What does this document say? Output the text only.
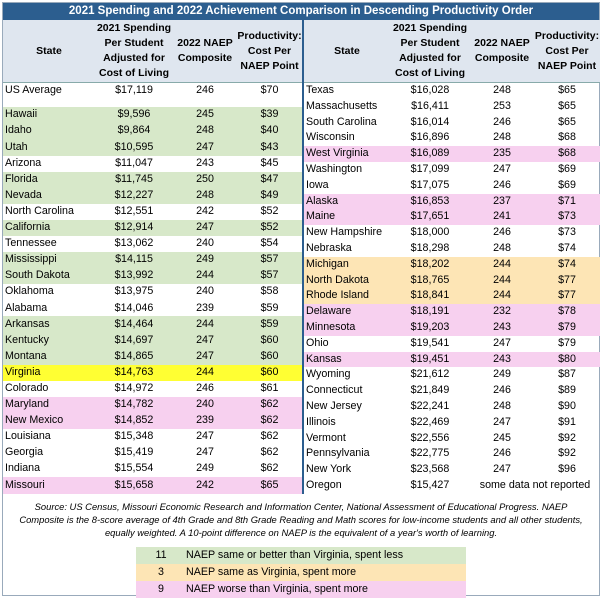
2021 Spending and 2022 Achievement Comparison in Descending Productivity Order
State	2021 Spending Per Student Adjusted for Cost of Living	2022 NAEP Composite	Productivity: Cost Per NAEP Point
US Average	$17,119	246	$70

Hawaii	$9,596	245	$39
Idaho	$9,864	248	$40
Utah	$10,595	247	$43
Arizona	$11,047	243	$45
Florida	$11,745	250	$47
Nevada	$12,227	248	$49
North Carolina	$12,551	242	$52
California	$12,914	247	$52
Tennessee	$13,062	240	$54
Mississippi	$14,115	249	$57
South Dakota	$13,992	244	$57
Oklahoma	$13,975	240	$58
Alabama	$14,046	239	$59
Arkansas	$14,464	244	$59
Kentucky	$14,697	247	$60
Montana	$14,865	247	$60
Virginia	$14,763	244	$60
Colorado	$14,972	246	$61
Maryland	$14,782	240	$62
New Mexico	$14,852	239	$62
Louisiana	$15,348	247	$62
Georgia	$15,419	247	$62
Indiana	$15,554	249	$62
Missouri	$15,658	242	$65
State	2021 Spending Per Student Adjusted for Cost of Living	2022 NAEP Composite	Productivity: Cost Per NAEP Point
Texas	$16,028	248	$65
Massachusetts	$16,411	253	$65
South Carolina	$16,014	246	$65
Wisconsin	$16,896	248	$68
West Virginia	$16,089	235	$68
Washington	$17,099	247	$69
Iowa	$17,075	246	$69
Alaska	$16,853	237	$71
Maine	$17,651	241	$73
New Hampshire	$18,000	246	$73
Nebraska	$18,298	248	$74
Michigan	$18,202	244	$74
North Dakota	$18,765	244	$77
Rhode Island	$18,841	244	$77
Delaware	$18,191	232	$78
Minnesota	$19,203	243	$79
Ohio	$19,541	247	$79
Kansas	$19,451	243	$80
Wyoming	$21,612	249	$87
Connecticut	$21,849	246	$89
New Jersey	$22,241	248	$90
Illinois	$22,469	247	$91
Vermont	$22,556	245	$92
Pennsylvania	$22,775	246	$92
New York	$23,568	247	$96
Oregon	$15,427	some data not reported	
Source: US Census, Missouri Economic Research and Information Center, National Assessment of Educational Progress. NAEP Composite is the 8-score average of 4th Grade and 8th Grade Reading and Math scores for low-income students and all other students, equally weighted. A 10-point difference on NAEP is the equivalent of a year's worth of learning.
11	NAEP same or better than Virginia, spent less
3	NAEP same as Virginia, spent more
9	NAEP worse than Virginia, spent more
